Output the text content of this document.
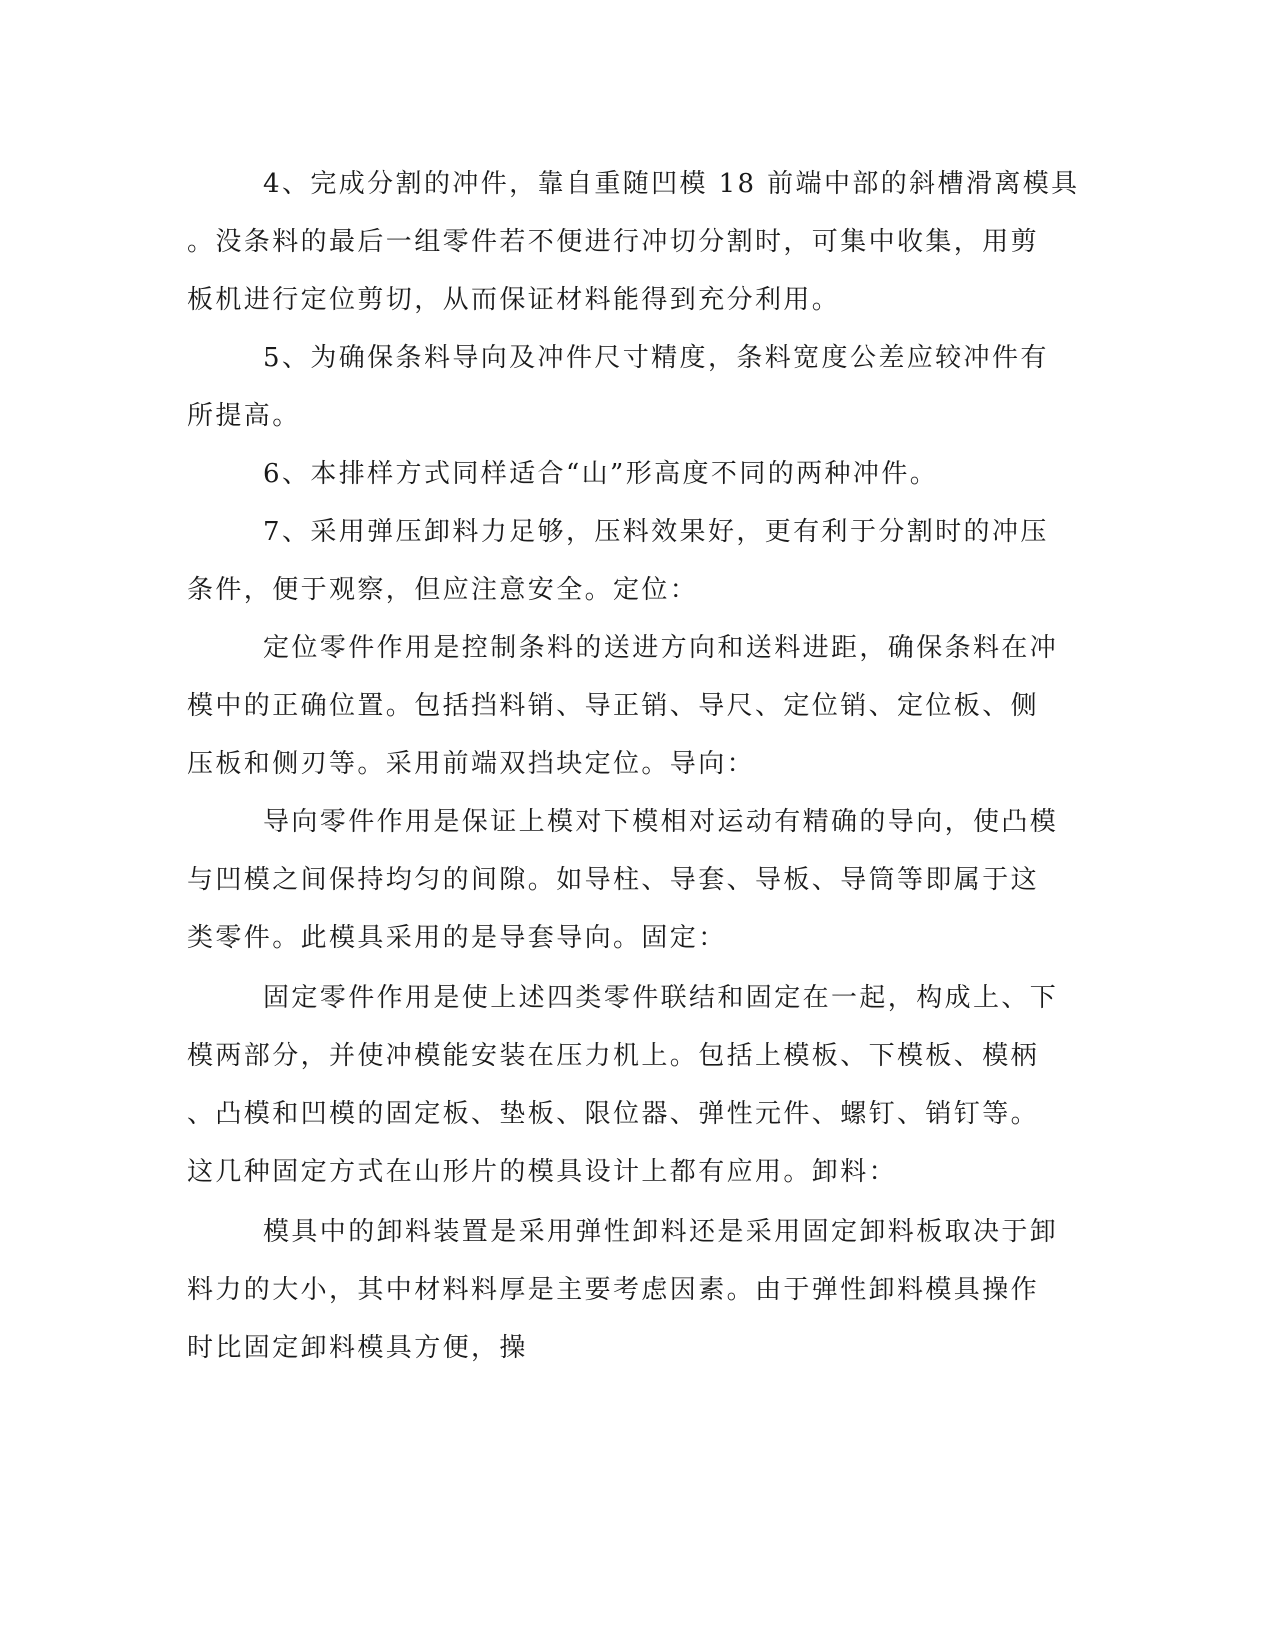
4、完成分割的冲件，靠自重随凹模 18 前端中部的斜槽滑离模具
。没条料的最后一组零件若不便进行冲切分割时，可集中收集，用剪
板机进行定位剪切，从而保证材料能得到充分利用。
5、为确保条料导向及冲件尺寸精度，条料宽度公差应较冲件有
所提高。
6、本排样方式同样适合“山”形高度不同的两种冲件。
7、采用弹压卸料力足够，压料效果好，更有利于分割时的冲压
条件，便于观察，但应注意安全。定位：
定位零件作用是控制条料的送进方向和送料进距，确保条料在冲
模中的正确位置。包括挡料销、导正销、导尺、定位销、定位板、侧
压板和侧刃等。采用前端双挡块定位。导向：
导向零件作用是保证上模对下模相对运动有精确的导向，使凸模
与凹模之间保持均匀的间隙。如导柱、导套、导板、导筒等即属于这
类零件。此模具采用的是导套导向。固定：
固定零件作用是使上述四类零件联结和固定在一起，构成上、下
模两部分，并使冲模能安装在压力机上。包括上模板、下模板、模柄
、凸模和凹模的固定板、垫板、限位器、弹性元件、螺钉、销钉等。
这几种固定方式在山形片的模具设计上都有应用。卸料：
模具中的卸料装置是采用弹性卸料还是采用固定卸料板取决于卸
料力的大小，其中材料料厚是主要考虑因素。由于弹性卸料模具操作
时比固定卸料模具方便，操
